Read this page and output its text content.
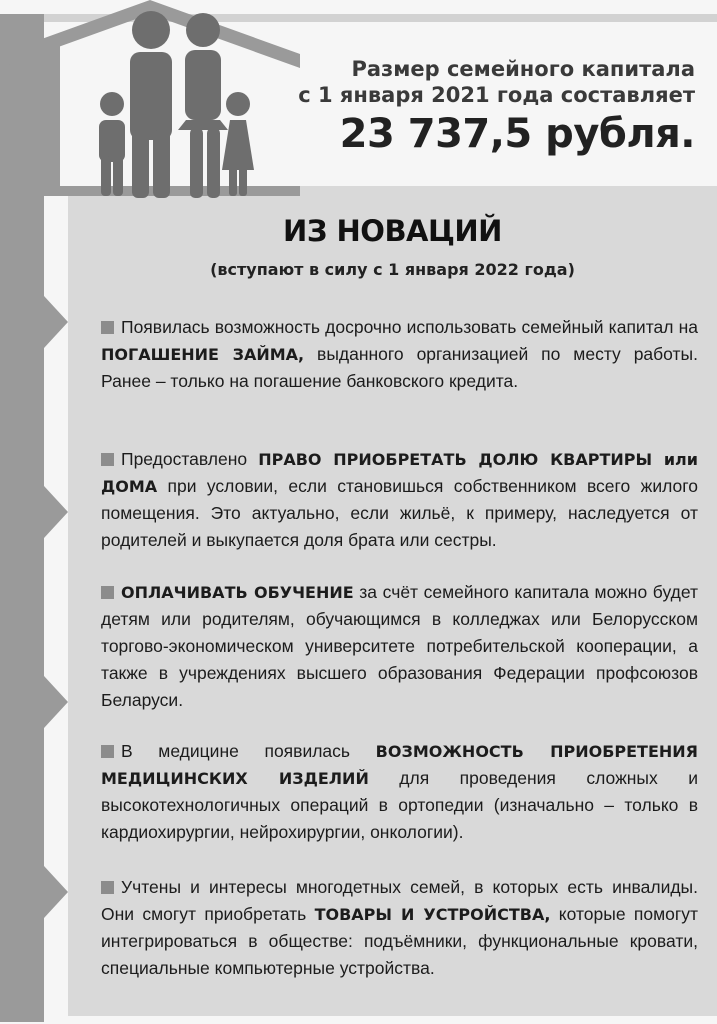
Размер семейного капитала
с 1 января 2021 года составляет
23 737,5 рубля.
ИЗ НОВАЦИЙ
(вступают в силу с 1 января 2022 года)
Появилась возможность досрочно использовать семейный капитал на ПОГАШЕНИЕ ЗАЙМА, выданного организацией по месту работы. Ранее – только на погашение банковского кредита.
Предоставлено ПРАВО ПРИОБРЕТАТЬ ДОЛЮ КВАРТИРЫ или ДОМА при условии, если становишься собственником всего жилого помещения. Это актуально, если жильё, к примеру, наследуется от родителей и выкупается доля брата или сестры.
ОПЛАЧИВАТЬ ОБУЧЕНИЕ за счёт семейного капитала можно будет детям или родителям, обучающимся в колледжах или Белорусском торгово-экономическом университете потребительской кооперации, а также в учреждениях высшего образования Федерации профсоюзов Беларуси.
В медицине появилась ВОЗМОЖНОСТЬ ПРИОБРЕТЕНИЯ МЕДИЦИНСКИХ ИЗДЕЛИЙ для проведения сложных и высокотехнологичных операций в ортопедии (изначально – только в кардиохирургии, нейрохирургии, онкологии).
Учтены и интересы многодетных семей, в которых есть инвалиды. Они смогут приобретать ТОВАРЫ И УСТРОЙСТВА, которые помогут интегрироваться в обществе: подъёмники, функциональные кровати, специальные компьютерные устройства.
